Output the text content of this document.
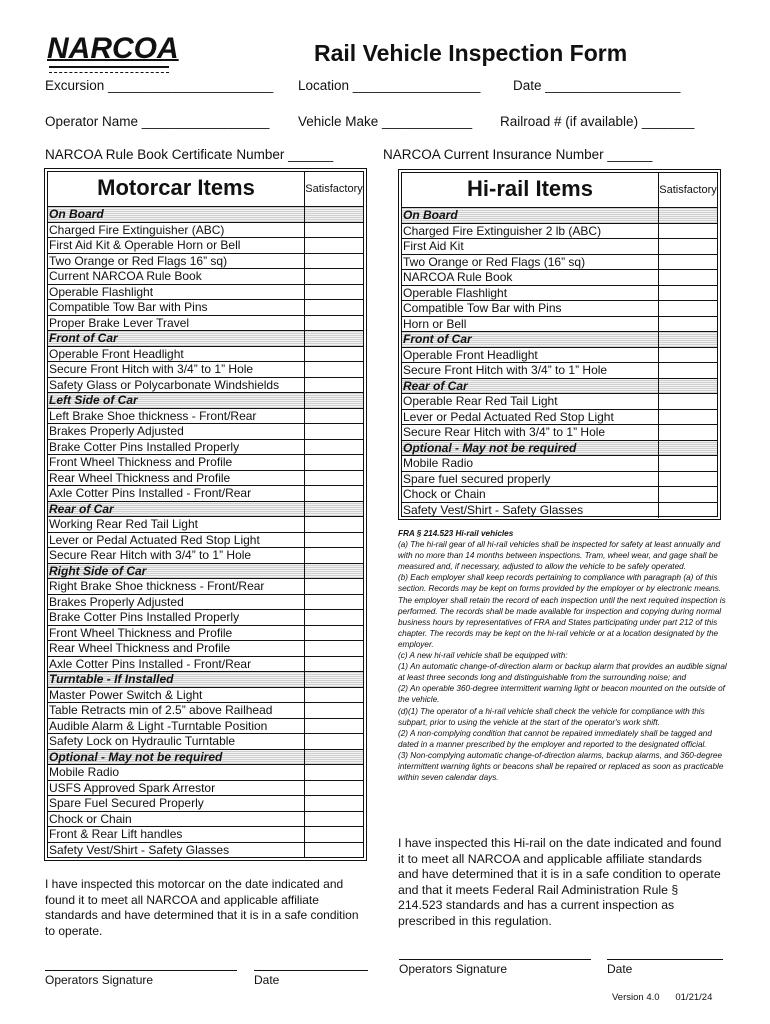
NARCOA	Rail Vehicle Inspection Form
Excursion ______________________ Location _________________ Date __________________
Operator Name _________________ Vehicle Make ____________ Railroad # (if available) _______
NARCOA Rule Book Certificate Number ______	NARCOA Current Insurance Number ______
Motorcar Items	Satisfactory
On Board
Charged Fire Extinguisher (ABC)
First Aid Kit & Operable Horn or Bell
Two Orange or Red Flags 16” sq)
Current NARCOA Rule Book
Operable Flashlight
Compatible Tow Bar with Pins
Proper Brake Lever Travel
Front of Car
Operable Front Headlight
Secure Front Hitch with 3/4” to 1” Hole
Safety Glass or Polycarbonate Windshields
Left Side of Car
Left Brake Shoe thickness - Front/Rear
Brakes Properly Adjusted
Brake Cotter Pins Installed Properly
Front Wheel Thickness and Profile
Rear Wheel Thickness and Profile
Axle Cotter Pins Installed - Front/Rear
Rear of Car
Working Rear Red Tail Light
Lever or Pedal Actuated Red Stop Light
Secure Rear Hitch with 3/4” to 1” Hole
Right Side of Car
Right Brake Shoe thickness - Front/Rear
Brakes Properly Adjusted
Brake Cotter Pins Installed Properly
Front Wheel Thickness and Profile
Rear Wheel Thickness and Profile
Axle Cotter Pins Installed - Front/Rear
Turntable - If Installed
Master Power Switch & Light
Table Retracts min of 2.5” above Railhead
Audible Alarm & Light -Turntable Position
Safety Lock on Hydraulic Turntable
Optional - May not be required
Mobile Radio
USFS Approved Spark Arrestor
Spare Fuel Secured Properly
Chock or Chain
Front & Rear Lift handles
Safety Vest/Shirt - Safety Glasses
Hi-rail Items	Satisfactory
On Board
Charged Fire Extinguisher 2 lb (ABC)
First Aid Kit
Two Orange or Red Flags (16” sq)
NARCOA Rule Book
Operable Flashlight
Compatible Tow Bar with Pins
Horn or Bell
Front of Car
Operable Front Headlight
Secure Front Hitch with 3/4” to 1” Hole
Rear of Car
Operable Rear Red Tail Light
Lever or Pedal Actuated Red Stop Light
Secure Rear Hitch with 3/4” to 1” Hole
Optional - May not be required
Mobile Radio
Spare fuel secured properly
Chock or Chain
Safety Vest/Shirt - Safety Glasses

FRA § 214.523 Hi-rail vehicles

(a) The hi-rail gear of all hi-rail vehicles shall be inspected for safety at least annually and with no more than 14 months between inspections. Tram, wheel wear, and gage shall be measured and, if necessary, adjusted to allow the vehicle to be safely operated.

(b) Each employer shall keep records pertaining to compliance with paragraph (a) of this section. Records may be kept on forms provided by the employer or by electronic means. The employer shall retain the record of each inspection until the next required inspection is performed. The records shall be made available for inspection and copying during normal business hours by representatives of FRA and States participating under part 212 of this chapter. The records may be kept on the hi-rail vehicle or at a location designated by the employer.

(c) A new hi-rail vehicle shall be equipped with:

(1) An automatic change-of-direction alarm or backup alarm that provides an audible signal at least three seconds long and distinguishable from the surrounding noise; and

(2) An operable 360-degree intermittent warning light or beacon mounted on the outside of the vehicle.

(d)(1) The operator of a hi-rail vehicle shall check the vehicle for compliance with this subpart, prior to using the vehicle at the start of the operator's work shift.

(2) A non-complying condition that cannot be repaired immediately shall be tagged and dated in a manner prescribed by the employer and reported to the designated official.

(3) Non-complying automatic change-of-direction alarms, backup alarms, and 360-degree intermittent warning lights or beacons shall be repaired or replaced as soon as practicable within seven calendar days.

I have inspected this motorcar on the date indicated and found it to meet all NARCOA and applicable affiliate standards and have determined that it is in a safe condition to operate.
I have inspected this Hi-rail on the date indicated and found it to meet all NARCOA and applicable affiliate standards and have determined that it is in a safe condition to operate and that it meets Federal Rail Administration Rule § 214.523 standards and has a current inspection as prescribed in this regulation.
Operators Signature	Date
Operators Signature	Date
Version 4.0      01/21/24
